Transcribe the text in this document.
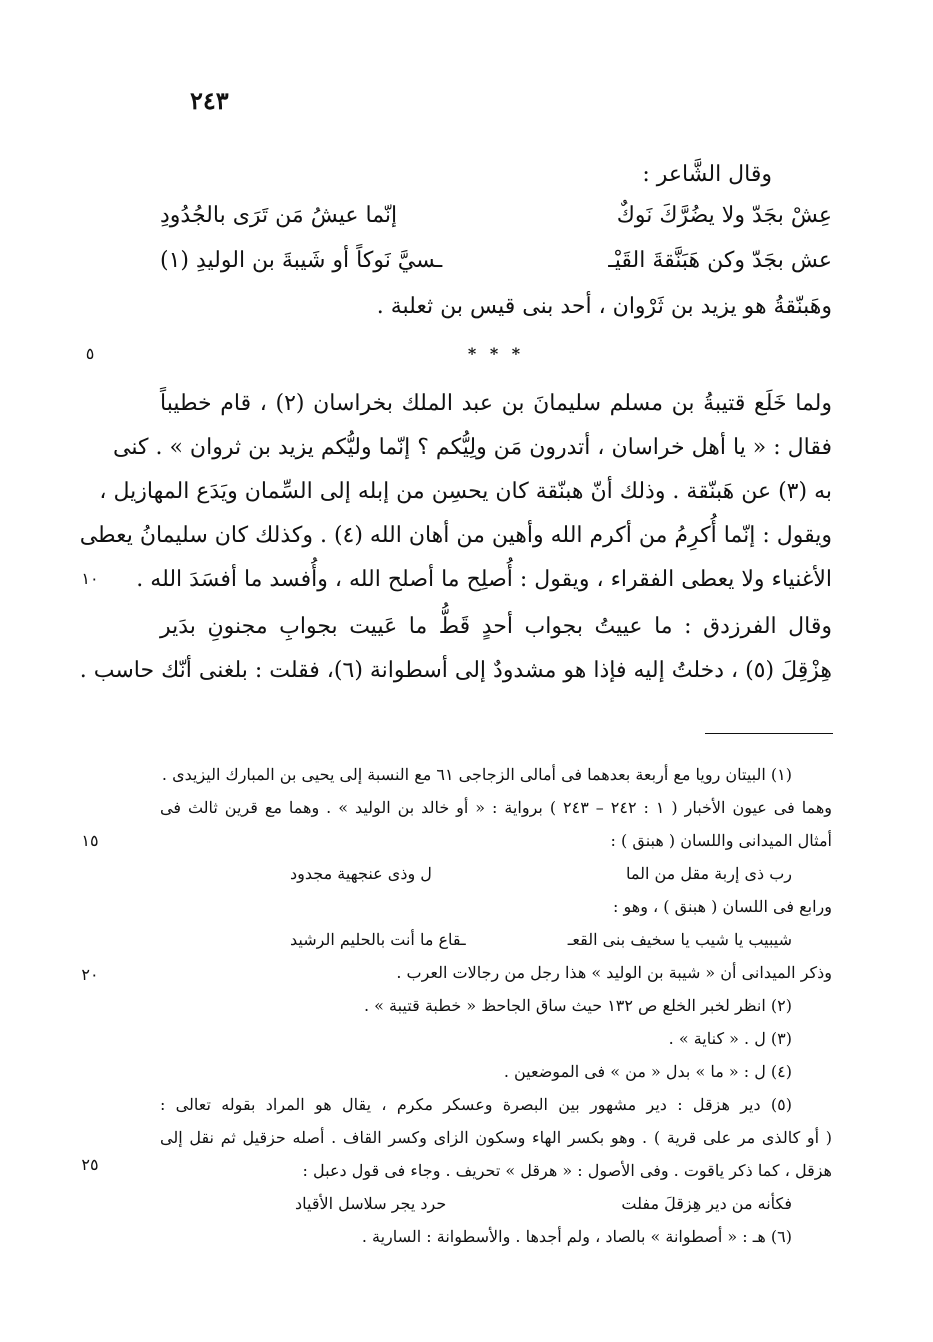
٢٤٣
٥
١٠
١٥
٢٠
٢٥
وقال الشَّاعر :
عِشْ بجَدّ ولا يضُرَّكَ نَوكٌ
إنّما عيشُ مَن تَرَى بالجُدُودِ
عش بجَدّ وكن هَبَنَّقةَ القَيْـ
ـسيَّ نَوكاً أو شَيبةَ بن الوليدِ (١)
وهَبنّقةُ هو يزيد بن ثَرْوان ، أحد بنى قيس بن ثعلبة .
* * *
ولما خَلَع قتيبةُ بن مسلم سليمانَ بن عبد الملك بخراسان (٢) ، قام خطيباً
فقال : « يا أهل خراسان ، أتدرون مَن ولِيُّكم ؟ إنّما وليُّكم يزيد بن ثروان » . كنى
به (٣) عن هَبنّقة . وذلك أنّ هبنّقة كان يحسِن من إبله إلى السِّمان ويَدَع المهازيل ،
ويقول : إنّما أُكرِمُ من أكرم الله وأهين من أهان الله (٤) . وكذلك كان سليمانُ يعطى
الأغنياء ولا يعطى الفقراء ، ويقول : أُصلِح ما أصلح الله ، وأُفسد ما أفسَدَ الله .
وقال الفرزدق : ما عييتُ بجواب أحدٍ قَطُّ ما عَييت بجوابِ مجنونِ بدَير
هِزْقِلَ (٥) ، دخلتُ إليه فإذا هو مشدودٌ إلى أسطوانة (٦)، فقلت : بلغنى أنّك حاسب .
(١) البيتان رويا مع أربعة بعدهما فى أمالى الزجاجى ٦١ مع النسبة إلى يحيى بن المبارك اليزيدى .
وهما فى عيون الأخبار ( ١ : ٢٤٢ – ٢٤٣ ) برواية : « أو خالد بن الوليد » . وهما مع قرين ثالث فى
أمثال الميدانى واللسان ( هبنق ) :
رب ذى إربة مقل من الما
ل وذى عنجهية مجدود
ورابع فى اللسان ( هبنق ) ، وهو :
شيبيب يا شيب يا سخيف بنى القعـ
ـقاع ما أنت بالحليم الرشيد
وذكر الميدانى أن « شيبة بن الوليد » هذا رجل من رجالات العرب .
(٢) انظر لخبر الخلع ص ١٣٢ حيث ساق الجاحظ « خطبة قتيبة » .
(٣) ل . « كناية » .
(٤) ل : « ما » بدل « من » فى الموضعين .
(٥) دير هزقل : دير مشهور بين البصرة وعسكر مكرم ، يقال هو المراد بقوله تعالى :
( أو كالذى مر على قرية ) . وهو بكسر الهاء وسكون الزاى وكسر القاف . أصله حزقيل ثم نقل إلى
هزقل ، كما ذكر ياقوت . وفى الأصول : « هرقل » تحريف . وجاء فى قول دعبل :
فكأنه من دير هِزقلَ مفلت
حرد يجر سلاسل الأقياد
(٦) هـ : « أصطوانة » بالصاد ، ولم أجدها . والأسطوانة : السارية .
